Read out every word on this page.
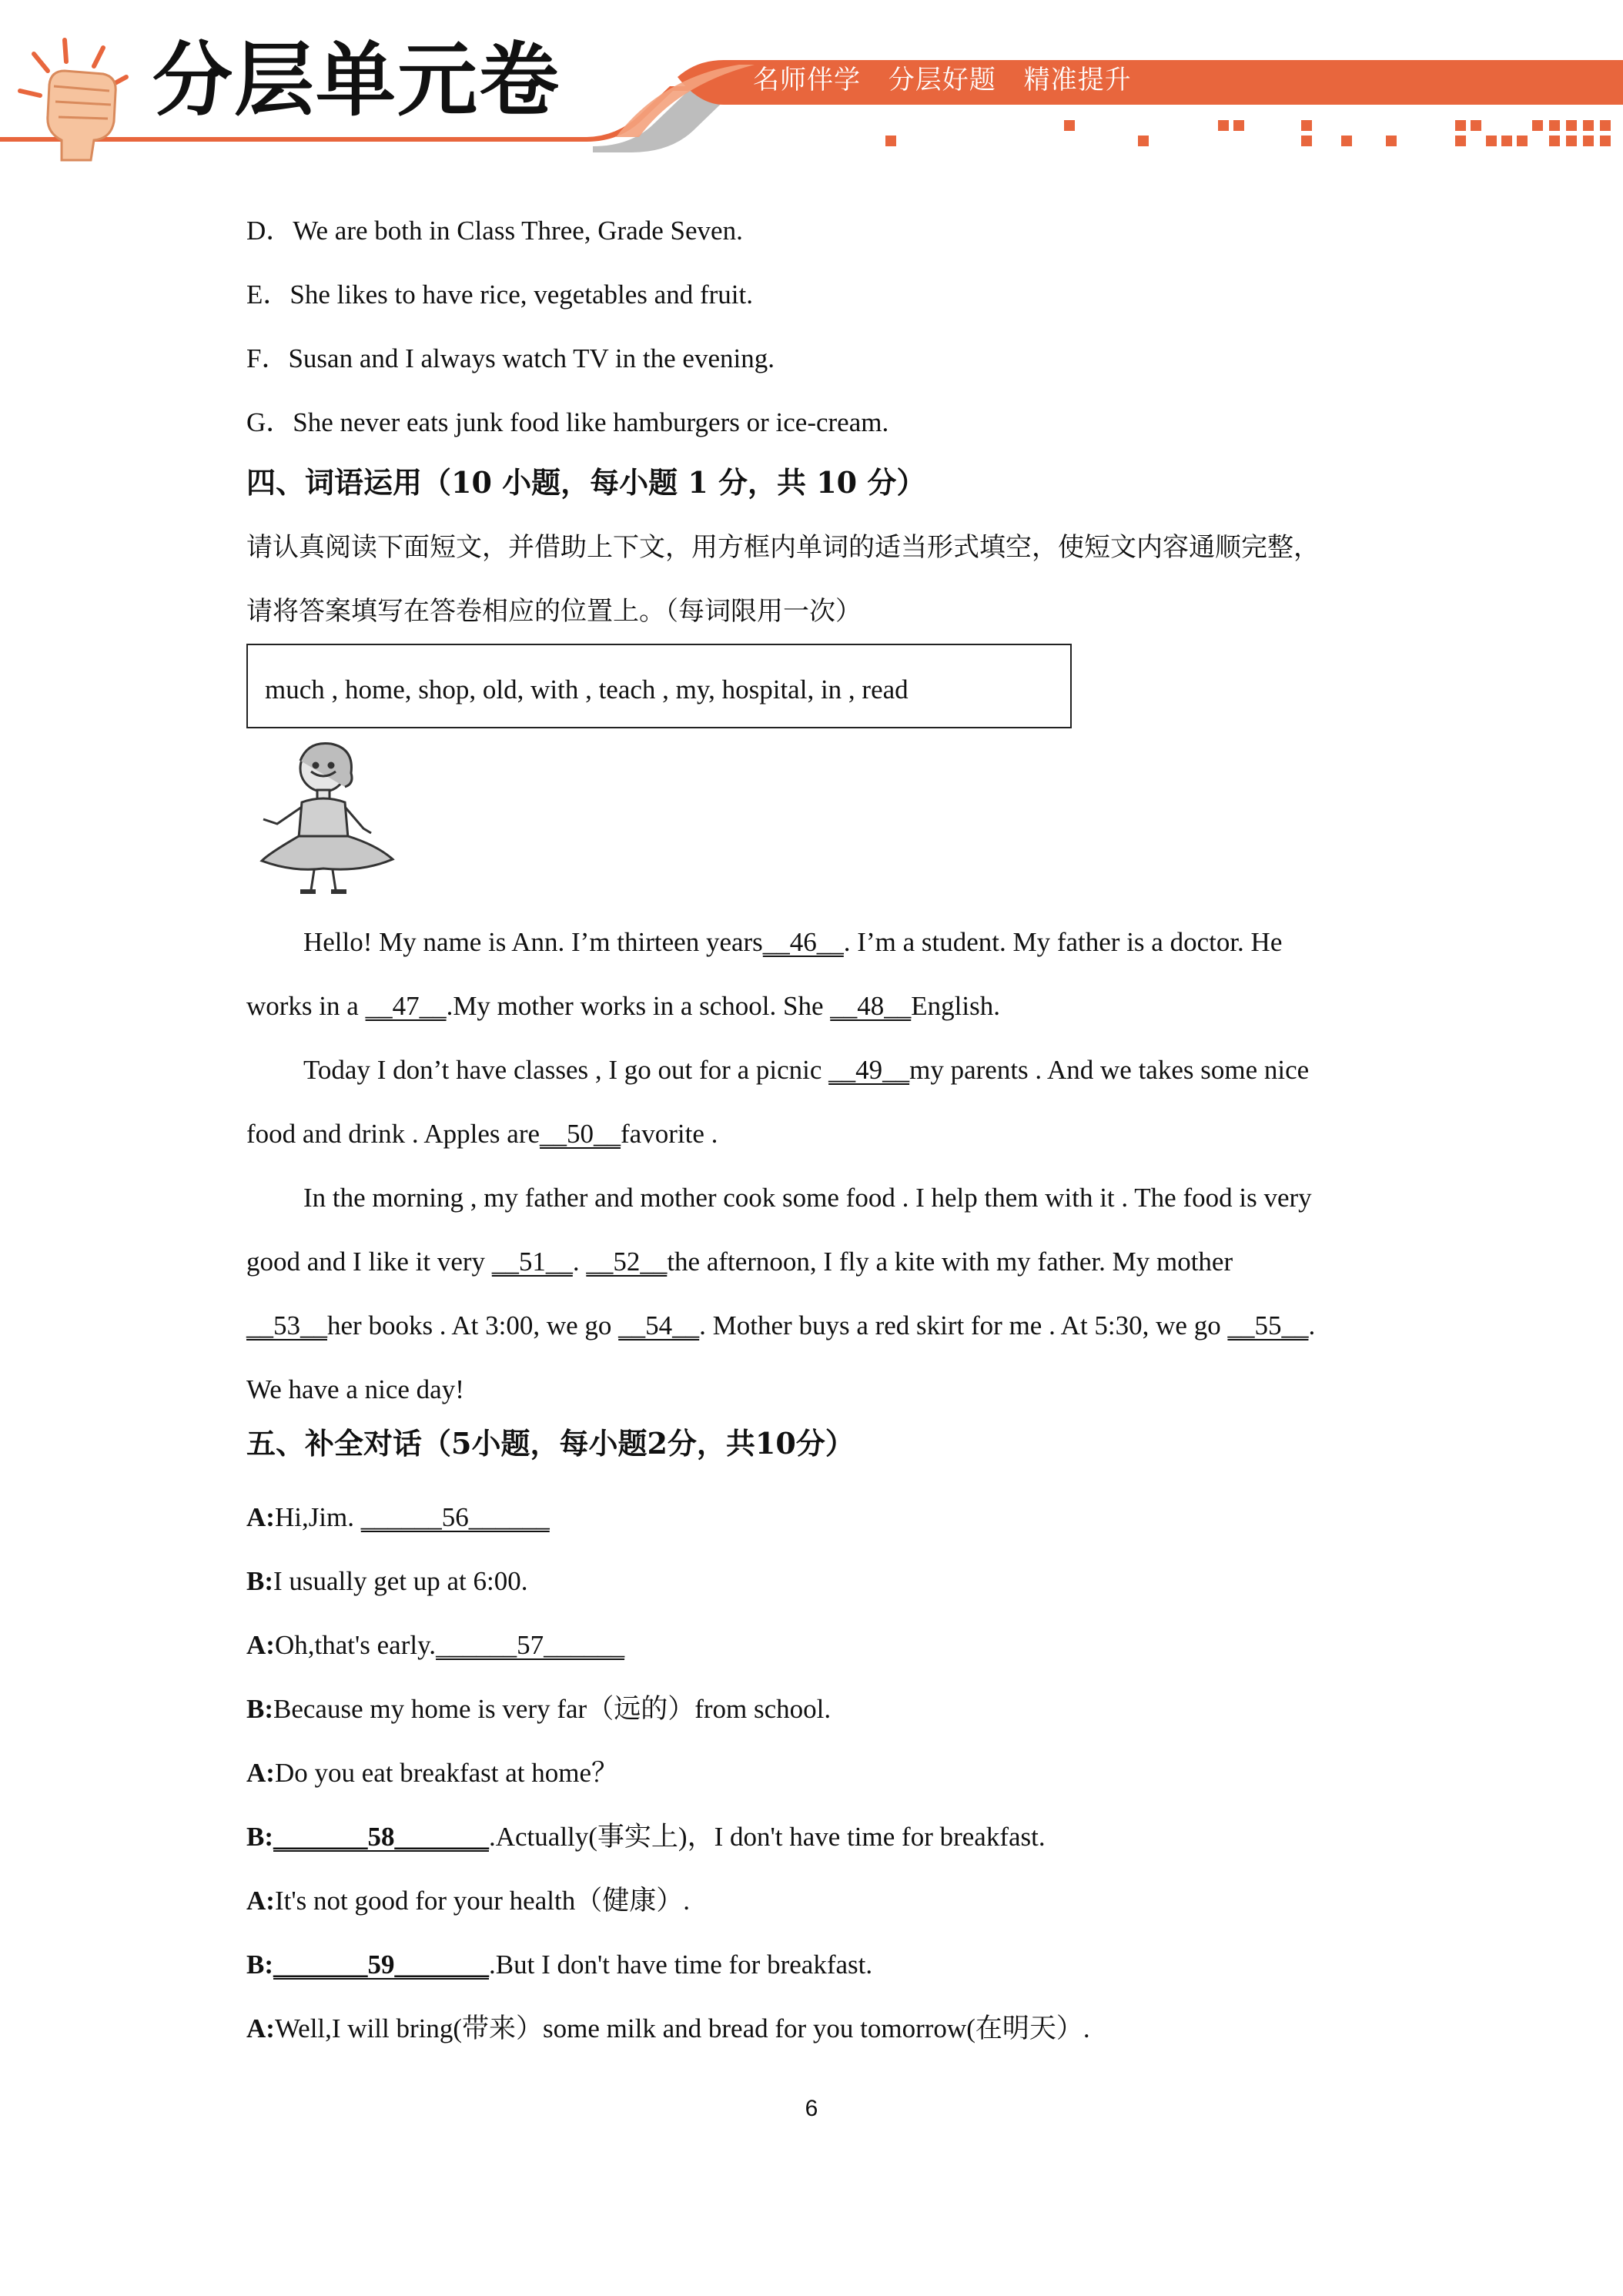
分层单元卷	名师伴学 分层好题 精准提升
D．We are both in Class Three, Grade Seven.
E．She likes to have rice, vegetables and fruit.
F．Susan and I always watch TV in the evening.
G．She never eats junk food like hamburgers or ice-cream.
四、词语运用（10 小题，每小题 1 分，共 10 分）
请认真阅读下面短文，并借助上下文，用方框内单词的适当形式填空，使短文内容通顺完整，
请将答案填写在答卷相应的位置上。（每词限用一次）
much , home, shop, old, with , teach , my, hospital, in , read
Hello! My name is Ann. I’m thirteen years__46__. I’m a student. My father is a doctor. He
works in a __47__.My mother works in a school. She __48__English.
Today I don’t have classes , I go out for a picnic __49__my parents . And we takes some nice
food and drink . Apples are__50__favorite .
In the morning , my father and mother cook some food . I help them with it . The food is very
good and I like it very __51__. __52__the afternoon, I fly a kite with my father. My mother
__53__her books . At 3:00, we go __54__. Mother buys a red skirt for me . At 5:30, we go __55__.
We have a nice day!
五、补全对话（5小题，每小题2分，共10分）
A:Hi,Jim. ______56______
B:I usually get up at 6:00.
A:Oh,that's early.______57______
B:Because my home is very far（远的）from school.
A:Do you eat breakfast at home？
B:_______58_______.Actually(事实上)，I don't have time for breakfast.
A:It's not good for your health（健康）.
B:_______59_______.But I don't have time for breakfast.
A:Well,I will bring(带来）some milk and bread for you tomorrow(在明天）.
6
